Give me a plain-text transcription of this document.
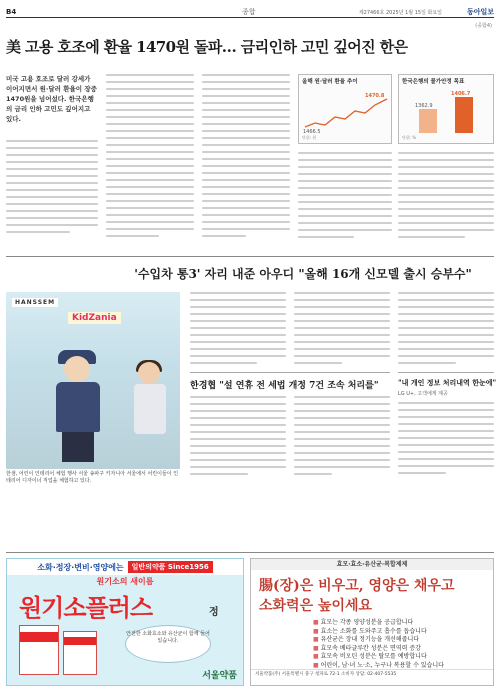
B4	종합	제27466호 2025년 1월 15일 화요일	동아일보
(종합4)
美 고용 호조에 환율 1470원 돌파… 금리인하 고민 깊어진 한은
미국 고용 호조로 달러 강세가 이어지면서 원·달러 환율이 장중 1470원을 넘어섰다. 한국은행의 금리 인하 고민도 깊어지고 있다.
올해 원·달러 환율 추이
1466.5
1470.8
단위: 원
한국은행의 물가안정 목표
1362.9
1406.7
단위: %
'수입차 통3' 자리 내준 아우디 "올해 16개 신모델 출시 승부수"
HANSSEM
KidZania
한샘, 어린이 인테리어 체험 행사 서울 송파구 키자니아 서울에서 어린이들이 인테리어 디자이너 직업을 체험하고 있다.
한경협 "설 연휴 전 세법 개정 7건 조속 처리를"	"내 개인 정보 처리내역 한눈에"
LG U+, 고객에게 제공
소화·정장·변비·영양에는	일반의약품 Since1956
원기소의 새이름
원기소플러스	정
안전한 소화효소와 유산균이 함께 들어 있습니다.
서울약품
효모·효소·유산균·복합제제
腸(장)은 비우고, 영양은 채우고
소화력은 높이세요
■ 효모는 각종 영양성분을 공급합니다
■ 효소는 소화를 도와주고 흡수를 돕습니다
■ 유산균은 장내 정기능을 개선해줍니다
■ 효모속 베타글루칸 성분은 면역력 증강
■ 효모속 비오틴 성분은 탈모를 예방합니다
■ 어린이, 남·녀 노·소, 누구나 복용할 수 있습니다
서울약품(주) 서울특별시 중구 청파로 72-1 소비자 상담: 02-407-5535
